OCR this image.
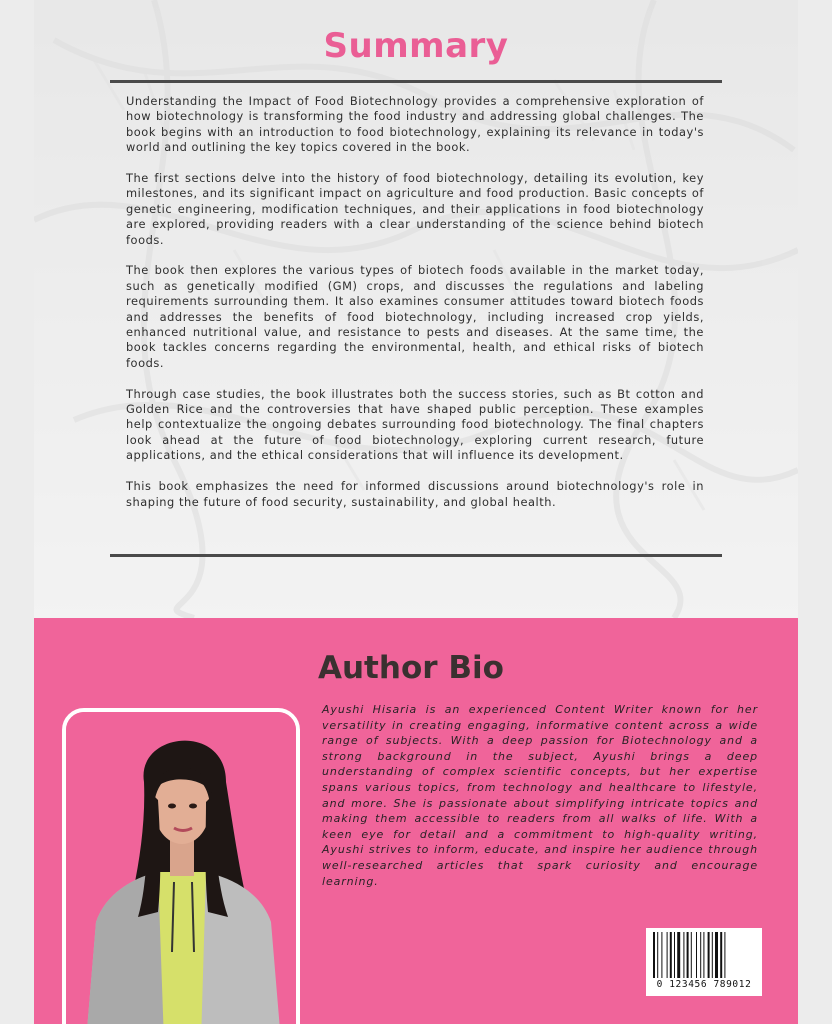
Summary

Understanding the Impact of Food Biotechnology provides a comprehensive exploration of how biotechnology is transforming the food industry and addressing global challenges. The book begins with an introduction to food biotechnology, explaining its relevance in today's world and outlining the key topics covered in the book.

The first sections delve into the history of food biotechnology, detailing its evolution, key milestones, and its significant impact on agriculture and food production. Basic concepts of genetic engineering, modification techniques, and their applications in food biotechnology are explored, providing readers with a clear understanding of the science behind biotech foods.

The book then explores the various types of biotech foods available in the market today, such as genetically modified (GM) crops, and discusses the regulations and labeling requirements surrounding them. It also examines consumer attitudes toward biotech foods and addresses the benefits of food biotechnology, including increased crop yields, enhanced nutritional value, and resistance to pests and diseases. At the same time, the book tackles concerns regarding the environmental, health, and ethical risks of biotech foods.

Through case studies, the book illustrates both the success stories, such as Bt cotton and Golden Rice and the controversies that have shaped public perception. These examples help contextualize the ongoing debates surrounding food biotechnology. The final chapters look ahead at the future of food biotechnology, exploring current research, future applications, and the ethical considerations that will influence its development.

This book emphasizes the need for informed discussions around biotechnology's role in shaping the future of food security, sustainability, and global health.

Author Bio
Ayushi Hisaria is an experienced Content Writer known for her versatility in creating engaging, informative content across a wide range of subjects. With a deep passion for Biotechnology and a strong background in the subject, Ayushi brings a deep understanding of complex scientific concepts, but her expertise spans various topics, from technology and healthcare to lifestyle, and more. She is passionate about simplifying intricate topics and making them accessible to readers from all walks of life. With a keen eye for detail and a commitment to high-quality writing, Ayushi strives to inform, educate, and inspire her audience through well-researched articles that spark curiosity and encourage learning.
0 123456 789012
